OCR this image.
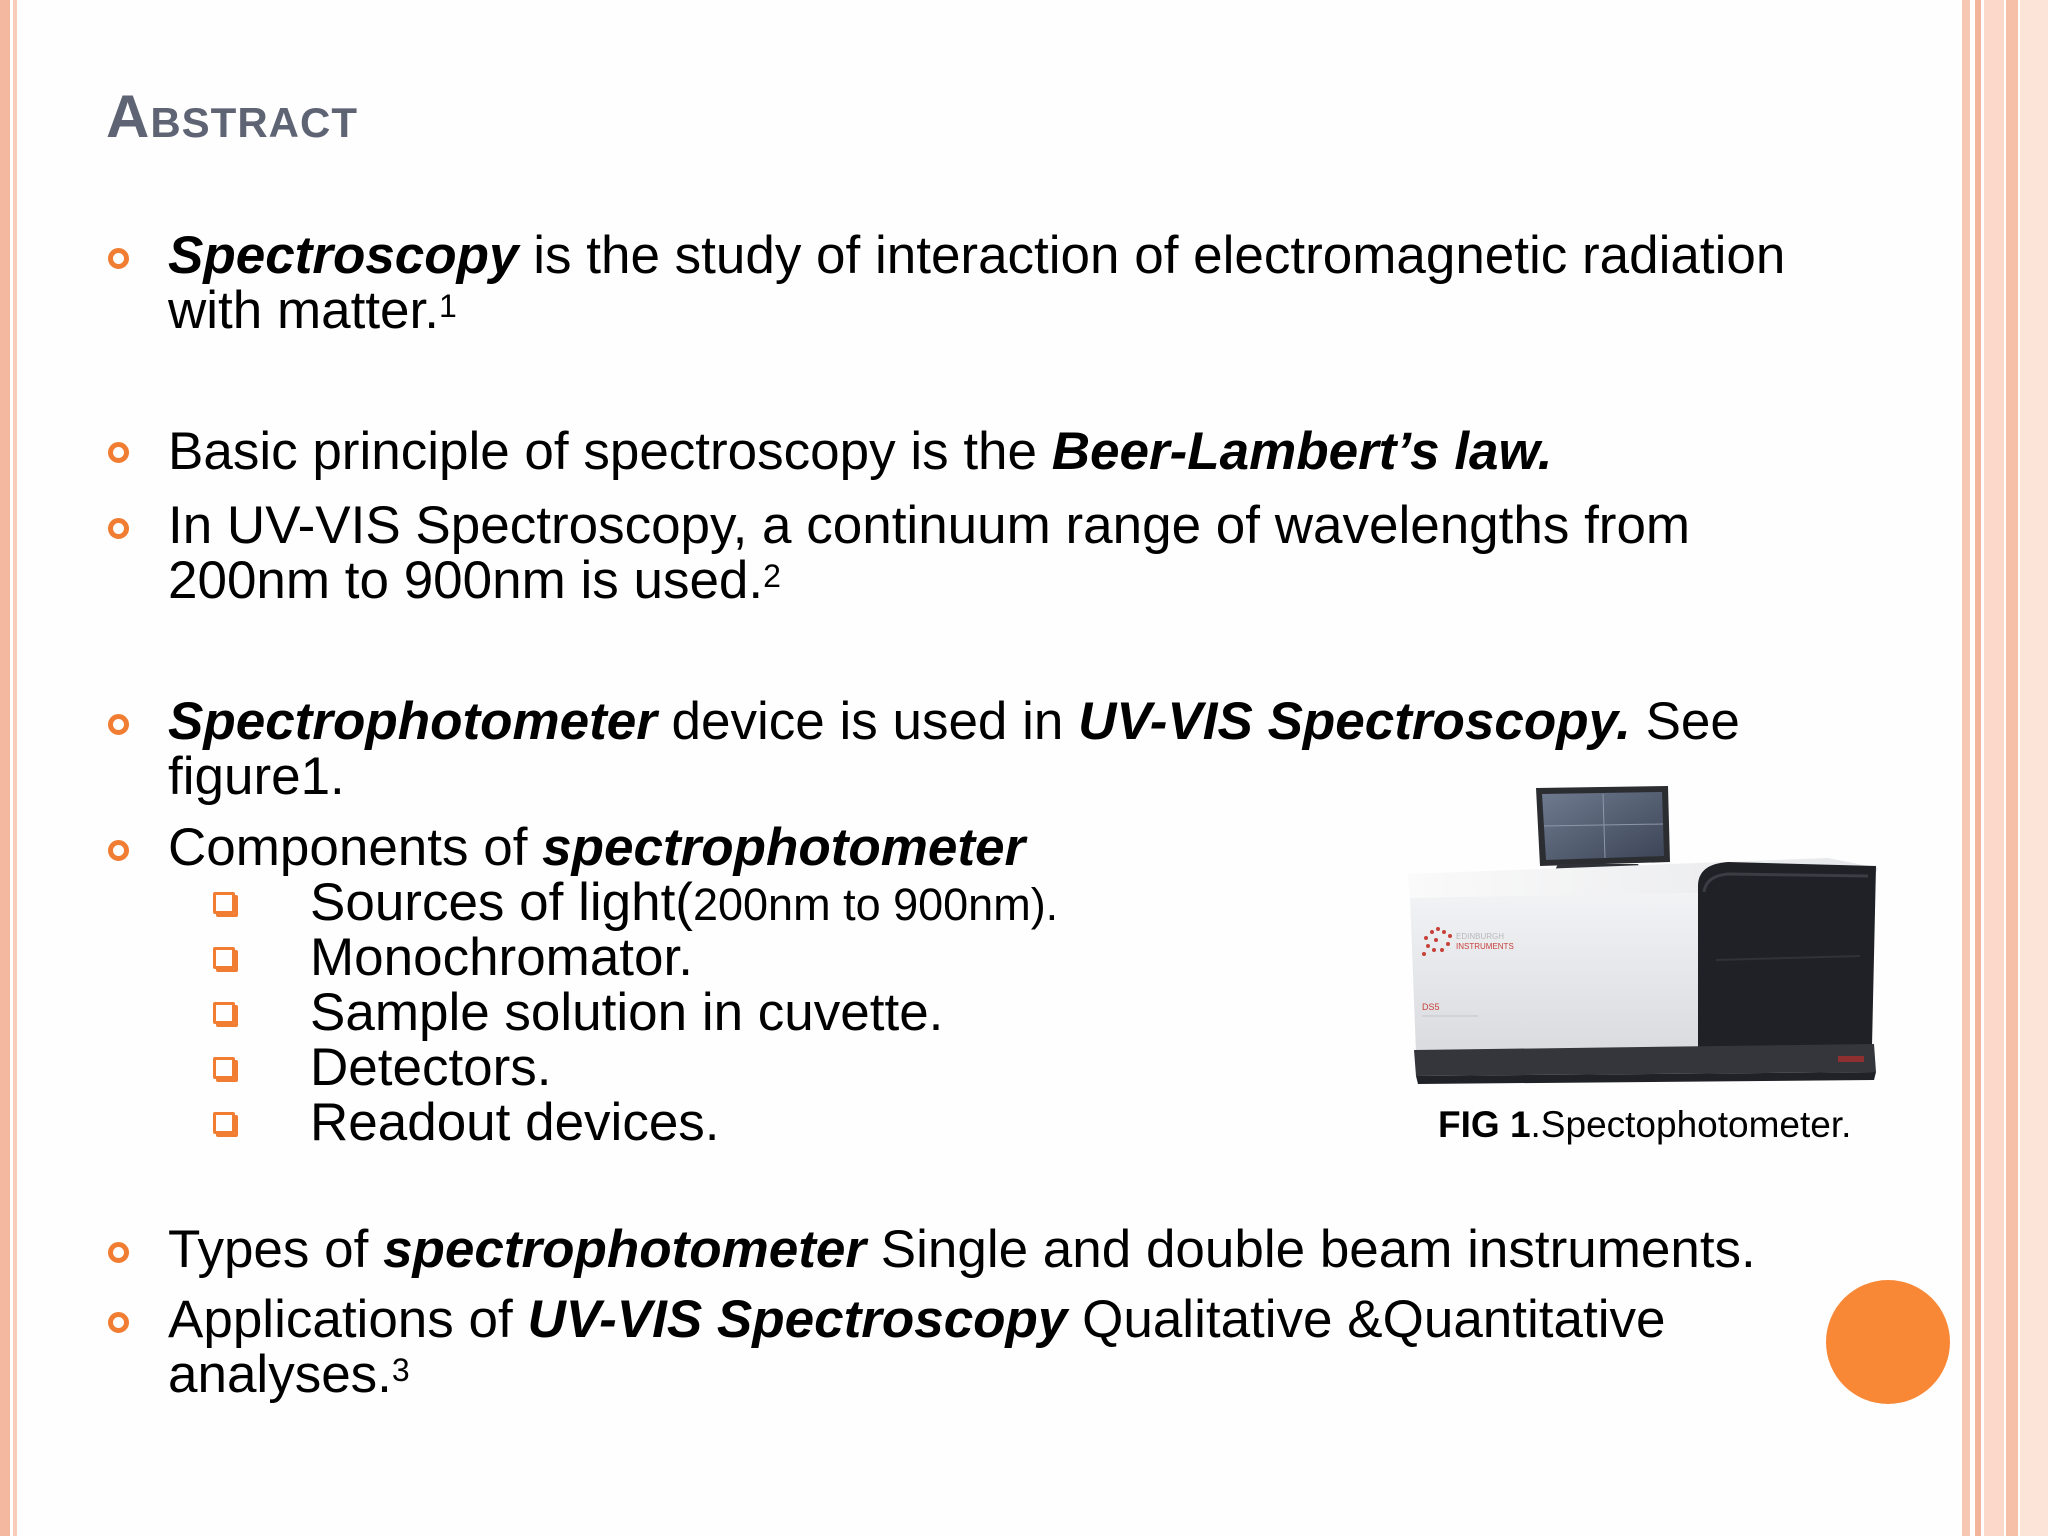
Abstract
Spectroscopy is the study of interaction of electromagnetic radiation
with matter.$^1$
Basic principle of spectroscopy is the Beer-Lambert’s law.
In UV-VIS Spectroscopy, a continuum range of wavelengths from
200nm to 900nm is used.$^2$
Spectrophotometer device is used in UV-VIS Spectroscopy. See
figure1.
Components of spectrophotometer
Sources of light(200nm to 900nm).
Monochromator.
Sample solution in cuvette.
Detectors.
Readout devices.
EDINBURGH
INSTRUMENTS
DS5
FIG 1.Spectophotometer.
Types of spectrophotometer Single and double beam instruments.
Applications of UV-VIS Spectroscopy Qualitative &Quantitative
analyses.$^3$
